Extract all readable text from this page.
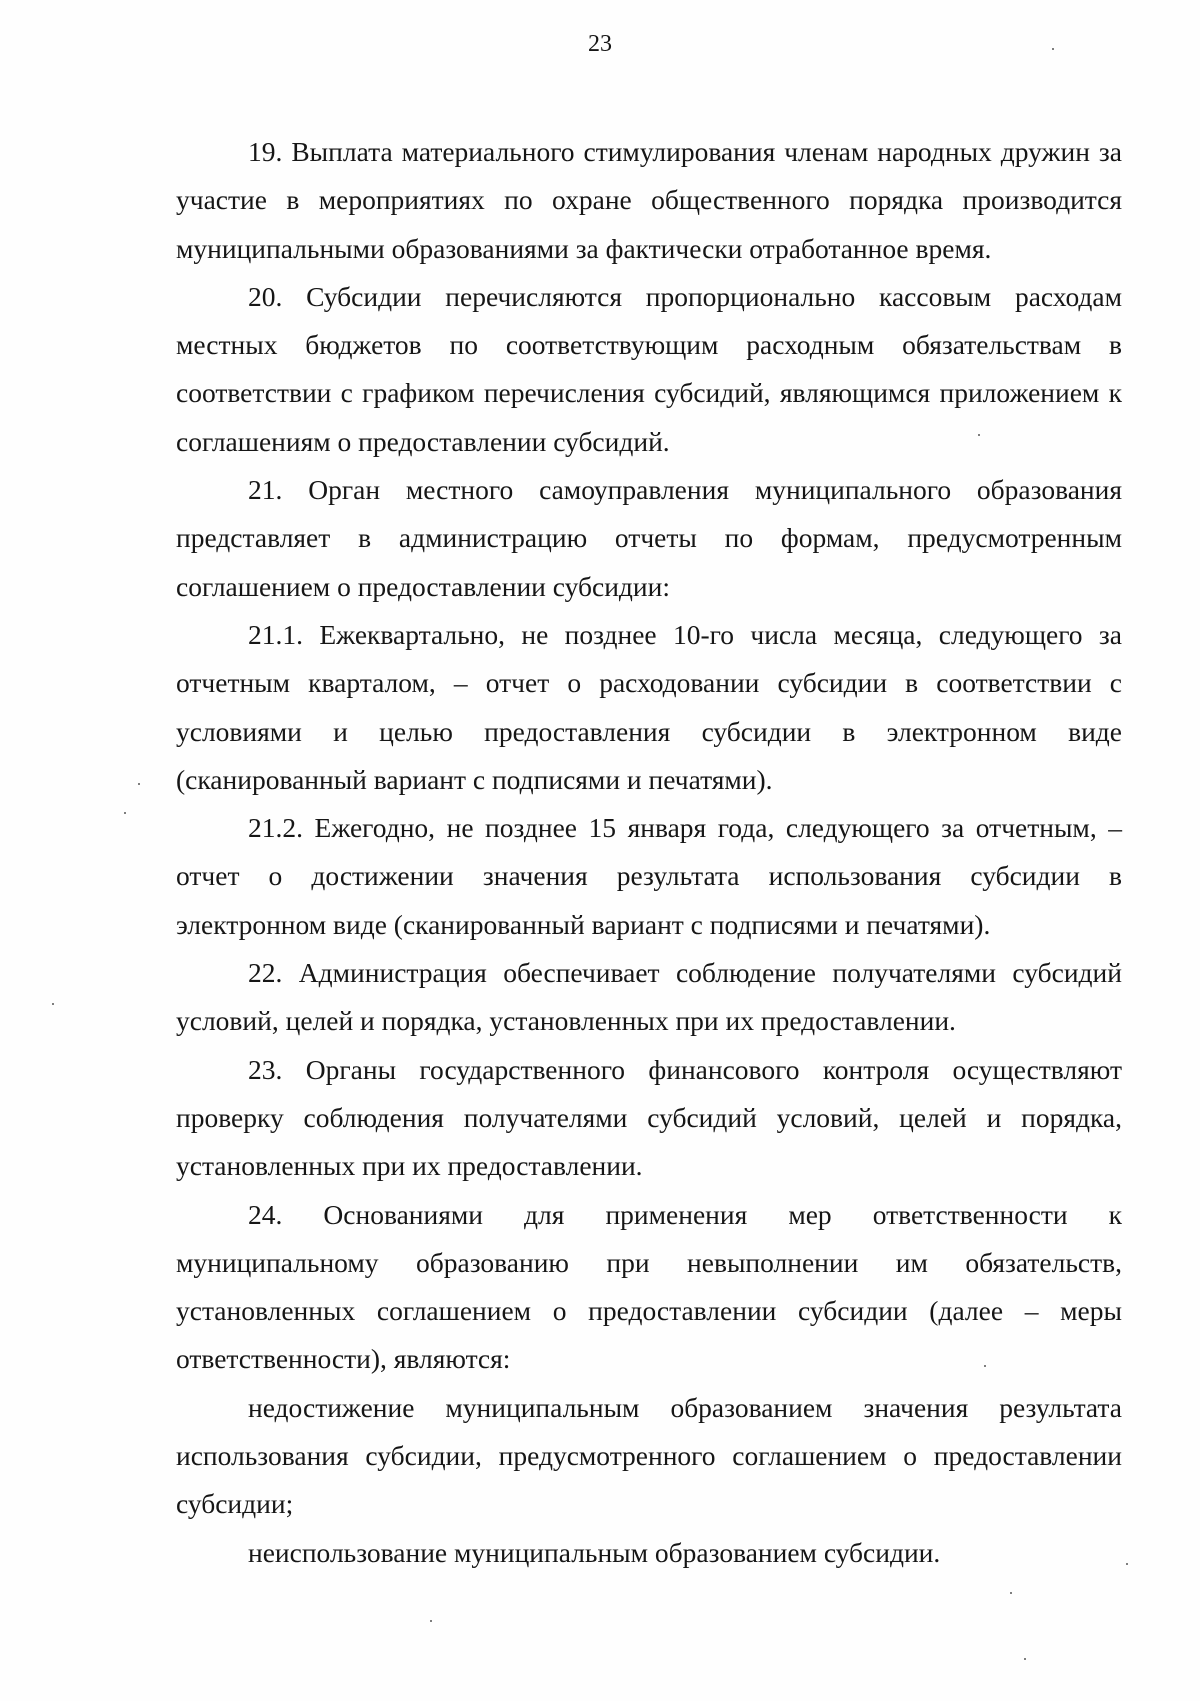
23

19. Выплата материального стимулирования членам народных дружин за участие в мероприятиях по охране общественного порядка производится муниципальными образованиями за фактически отработанное время.

20. Субсидии перечисляются пропорционально кассовым расходам местных бюджетов по соответствующим расходным обязательствам в соответствии с графиком перечисления субсидий, являющимся приложением к соглашениям о предоставлении субсидий.

21. Орган местного самоуправления муниципального образования представляет в администрацию отчеты по формам, предусмотренным соглашением о предоставлении субсидии:

21.1. Ежеквартально, не позднее 10-го числа месяца, следующего за отчетным кварталом, – отчет о расходовании субсидии в соответствии с условиями и целью предоставления субсидии в электронном виде (сканированный вариант с подписями и печатями).

21.2. Ежегодно, не позднее 15 января года, следующего за отчетным, – отчет о достижении значения результата использования субсидии в электронном виде (сканированный вариант с подписями и печатями).

22. Администрация обеспечивает соблюдение получателями субсидий условий, целей и порядка, установленных при их предоставлении.

23. Органы государственного финансового контроля осуществляют проверку соблюдения получателями субсидий условий, целей и порядка, установленных при их предоставлении.

24. Основаниями для применения мер ответственности к муниципальному образованию при невыполнении им обязательств, установленных соглашением о предоставлении субсидии (далее – меры ответственности), являются:

недостижение муниципальным образованием значения результата использования субсидии, предусмотренного соглашением о предоставлении субсидии;

неиспользование муниципальным образованием субсидии.
